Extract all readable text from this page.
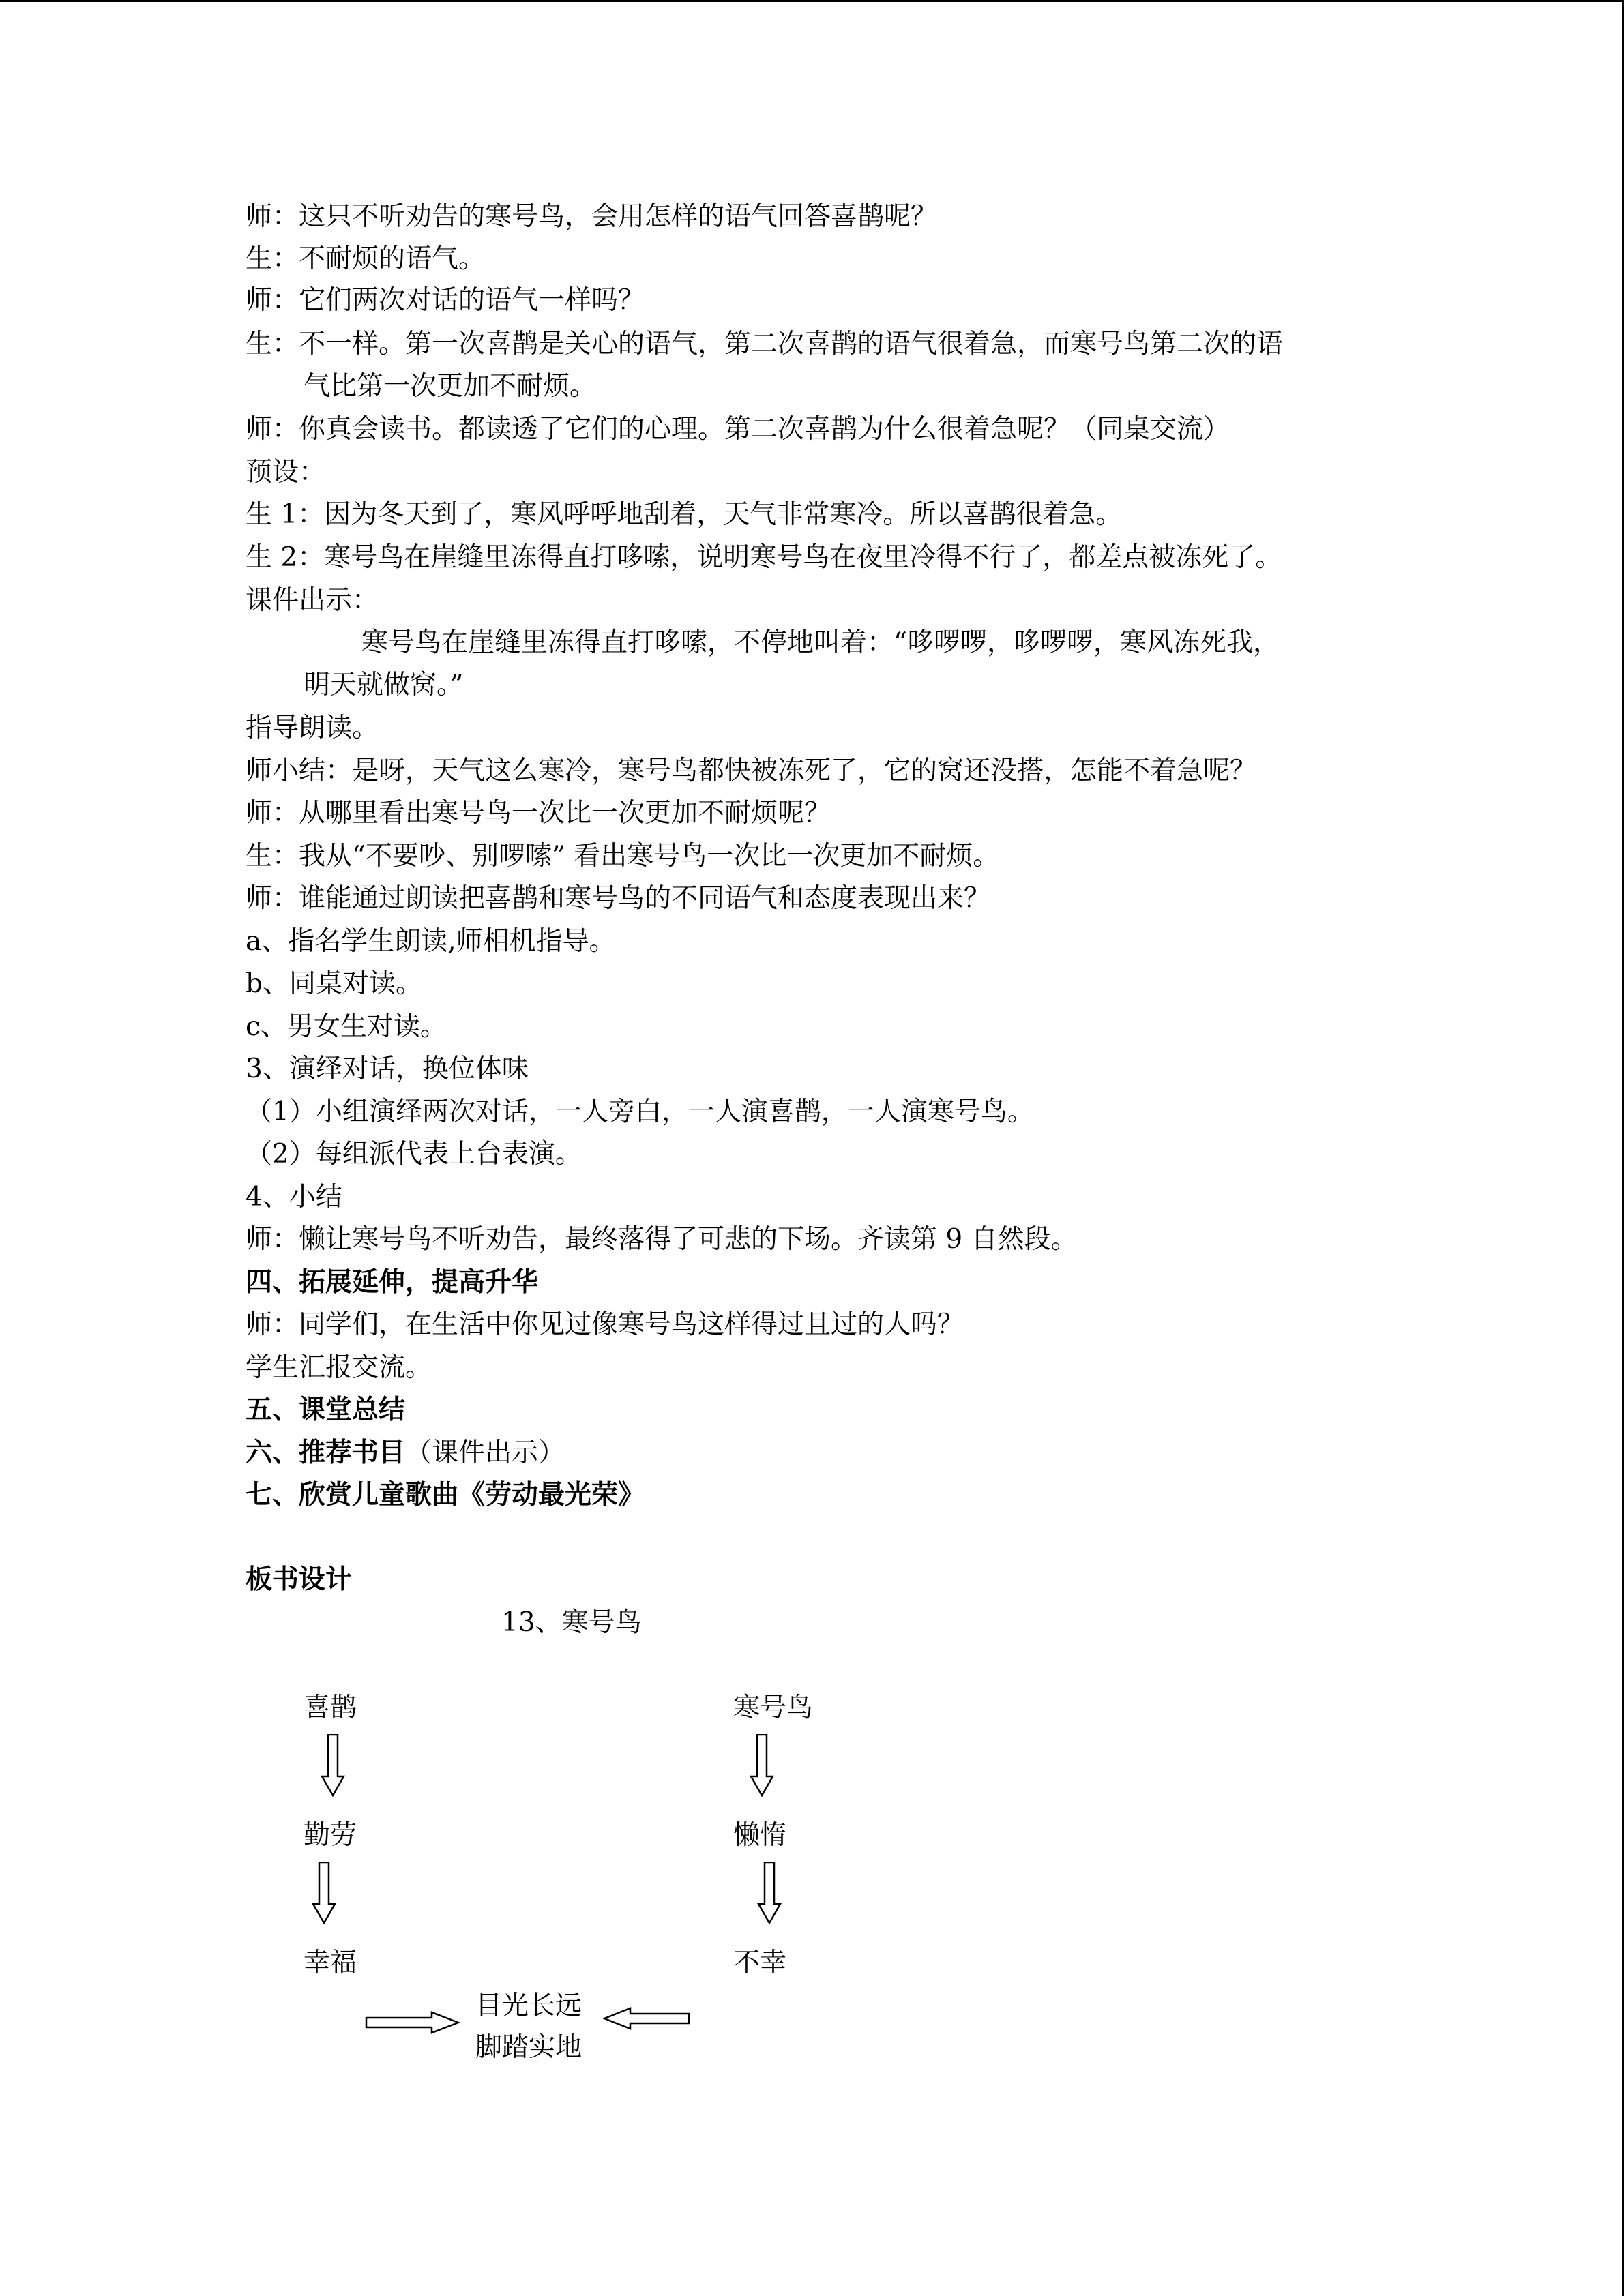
师：这只不听劝告的寒号鸟，会用怎样的语气回答喜鹊呢？
生：不耐烦的语气。
师：它们两次对话的语气一样吗？
生：不一样。第一次喜鹊是关心的语气，第二次喜鹊的语气很着急，而寒号鸟第二次的语
气比第一次更加不耐烦。
师：你真会读书。都读透了它们的心理。第二次喜鹊为什么很着急呢？（同桌交流）
预设：
生 1：因为冬天到了，寒风呼呼地刮着，天气非常寒冷。所以喜鹊很着急。
生 2：寒号鸟在崖缝里冻得直打哆嗦，说明寒号鸟在夜里冷得不行了，都差点被冻死了。
课件出示：
寒号鸟在崖缝里冻得直打哆嗦，不停地叫着：“哆啰啰，哆啰啰，寒风冻死我，
明天就做窝。”
指导朗读。
师小结：是呀，天气这么寒冷，寒号鸟都快被冻死了，它的窝还没搭，怎能不着急呢？
师：从哪里看出寒号鸟一次比一次更加不耐烦呢？
生：我从“不要吵、别啰嗦” 看出寒号鸟一次比一次更加不耐烦。
师：谁能通过朗读把喜鹊和寒号鸟的不同语气和态度表现出来？
a、指名学生朗读,师相机指导。
b、同桌对读。
c、男女生对读。
3、演绎对话，换位体味
（1）小组演绎两次对话，一人旁白，一人演喜鹊，一人演寒号鸟。
（2）每组派代表上台表演。
4、小结
师：懒让寒号鸟不听劝告，最终落得了可悲的下场。齐读第 9 自然段。
四、拓展延伸，提高升华
师：同学们，在生活中你见过像寒号鸟这样得过且过的人吗？
学生汇报交流。
五、课堂总结
六、推荐书目（课件出示）
七、欣赏儿童歌曲《劳动最光荣》
板书设计
13、寒号鸟
喜鹊
勤劳
幸福
寒号鸟
懒惰
不幸
目光长远
脚踏实地
